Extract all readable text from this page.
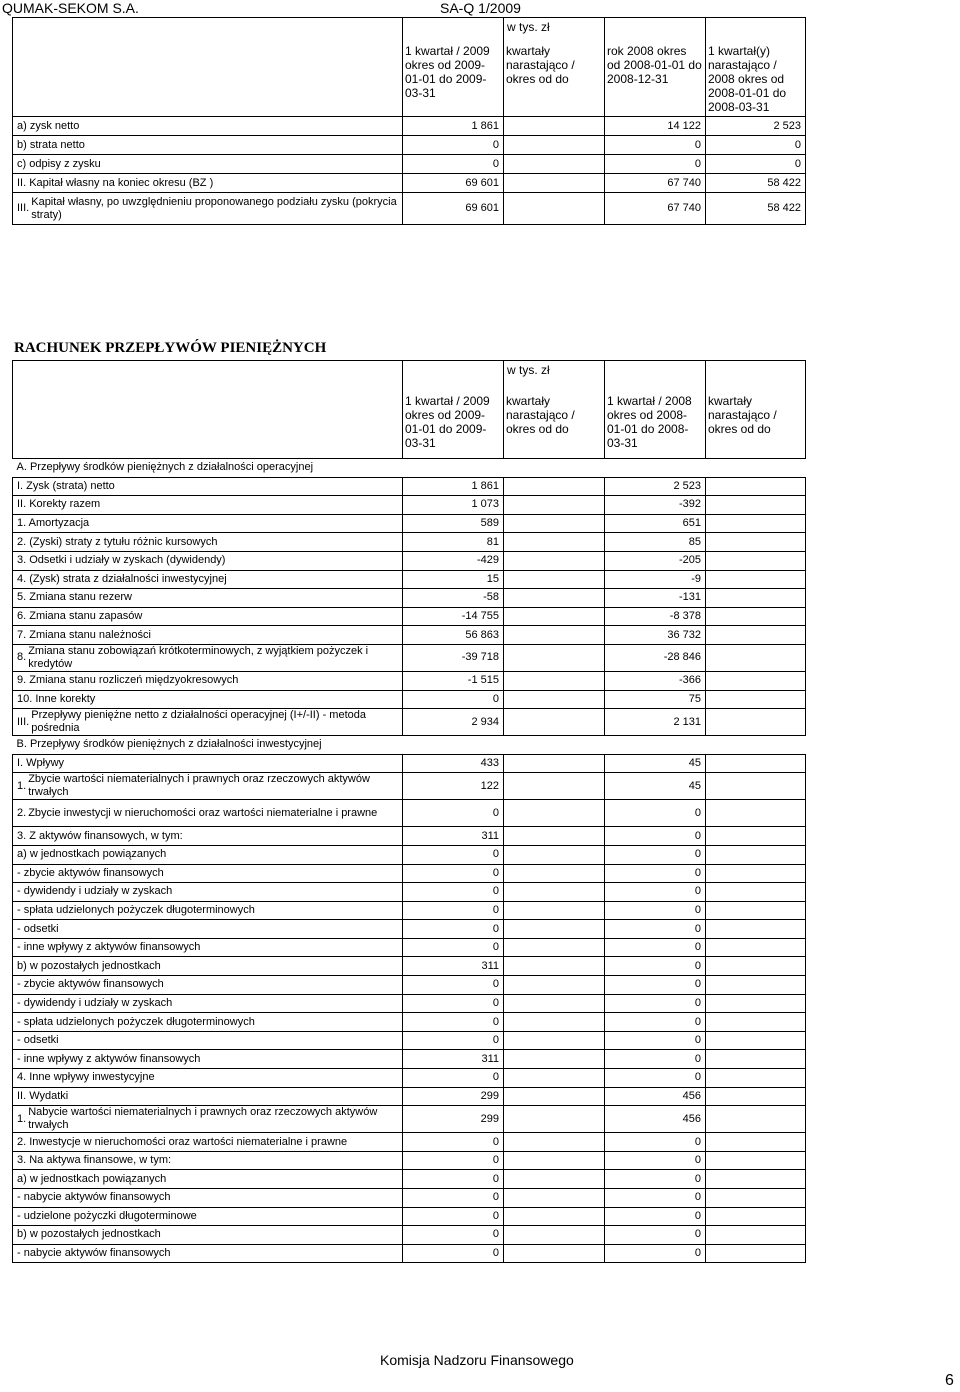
QUMAK-SEKOM S.A.	SA-Q 1/2009

	1 kwartał / 2009 okres od 2009-01-01 do 2009-03-31	kwartały narastająco / okres od do	rok 2008 okres od 2008-01-01 do 2008-12-31	1 kwartał(y) narastająco / 2008 okres od 2008-01-01 do 2008-03-31

a) zysk netto	1 861		14 122	2 523

b) strata netto	0		0	0

c) odpisy z zysku	0		0	0

II. Kapitał własny na koniec okresu (BZ )	69 601		67 740	58 422

III.
Kapitał własny, po uwzględnieniu proponowanego podziału zysku (pokrycia straty)	69 601		67 740	58 422
w tys. zł
RACHUNEK PRZEPŁYWÓW PIENIĘŻNYCH

	1 kwartał / 2009 okres od 2009-01-01 do 2009-03-31	kwartały narastająco / okres od do	1 kwartał / 2008 okres od 2008-01-01 do 2008-03-31	kwartały narastająco / okres od do

A. Przepływy środków pieniężnych z działalności operacyjnej				

I. Zysk (strata) netto	1 861		2 523	

II. Korekty razem	1 073		-392	

1. Amortyzacja	589		651	

2. (Zyski) straty z tytułu różnic kursowych	81		85	

3. Odsetki i udziały w zyskach (dywidendy)	-429		-205	

4. (Zysk) strata z działalności inwestycyjnej	15		-9	

5. Zmiana stanu rezerw	-58		-131	

6. Zmiana stanu zapasów	-14 755		-8 378	

7. Zmiana stanu należności	56 863		36 732	

8.
Zmiana stanu zobowiązań krótkoterminowych, z wyjątkiem pożyczek i kredytów	-39 718		-28 846	

9. Zmiana stanu rozliczeń międzyokresowych	-1 515		-366	

10. Inne korekty	0		75	

III.
Przepływy pieniężne netto z działalności operacyjnej (I+/-II) - metoda pośrednia	2 934		2 131	
B. Przepływy środków pieniężnych z działalności inwestycyjnej				

I. Wpływy	433		45	

1.
Zbycie wartości niematerialnych i prawnych oraz rzeczowych aktywów trwałych	122		45	

2. Zbycie inwestycji w nieruchomości oraz wartości niematerialne i prawne	0		0	

3. Z aktywów finansowych, w tym:	311		0	

a) w jednostkach powiązanych	0		0	

- zbycie aktywów finansowych	0		0	

- dywidendy i udziały w zyskach	0		0	

- spłata udzielonych pożyczek długoterminowych	0		0	

- odsetki	0		0	

- inne wpływy z aktywów finansowych	0		0	

b) w pozostałych jednostkach	311		0	

- zbycie aktywów finansowych	0		0	

- dywidendy i udziały w zyskach	0		0	

- spłata udzielonych pożyczek długoterminowych	0		0	

- odsetki	0		0	

- inne wpływy z aktywów finansowych	311		0	

4. Inne wpływy inwestycyjne	0		0	

II. Wydatki	299		456	

1.
Nabycie wartości niematerialnych i prawnych oraz rzeczowych aktywów trwałych	299		456	

2. Inwestycje w nieruchomości oraz wartości niematerialne i prawne	0		0	

3. Na aktywa finansowe, w tym:	0		0	

a) w jednostkach powiązanych	0		0	

- nabycie aktywów finansowych	0		0	

- udzielone pożyczki długoterminowe	0		0	

b) w pozostałych jednostkach	0		0	

- nabycie aktywów finansowych	0		0	
w tys. zł
Komisja Nadzoru Finansowego
6
